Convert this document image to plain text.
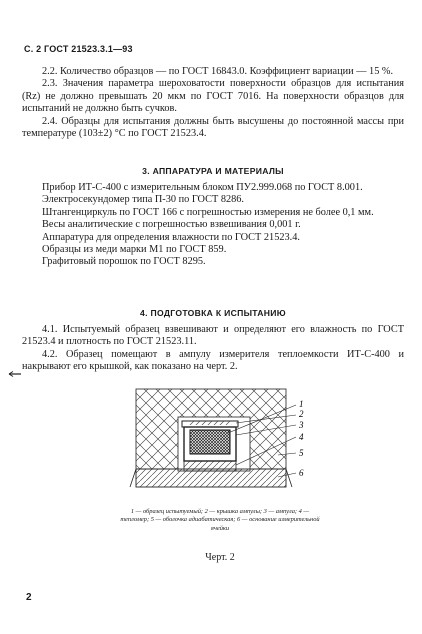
С. 2 ГОСТ 21523.3.1—93

2.2. Количество образцов — по ГОСТ 16843.0. Коэффициент вариации — 15 %.

2.3. Значения параметра шероховатости поверхности образцов для испытания (Rz) не должно превышать 20 мкм по ГОСТ 7016. На поверхности образцов для испытаний не должно быть сучков.

2.4. Образцы для испытания должны быть высушены до постоянной массы при температуре (103±2) °С по ГОСТ 21523.4.

3. АППАРАТУРА И МАТЕРИАЛЫ

Прибор ИТ-С-400 с измерительным блоком ПУ2.999.068 по ГОСТ 8.001.

Электросекундомер типа П-30 по ГОСТ 8286.

Штангенциркуль по ГОСТ 166 с погрешностью измерения не более 0,1 мм.

Весы аналитические с погрешностью взвешивания 0,001 г.

Аппаратура для определения влажности по ГОСТ 21523.4.

Образцы из меди марки М1 по ГОСТ 859.

Графитовый порошок по ГОСТ 8295.

4. ПОДГОТОВКА К ИСПЫТАНИЮ

4.1. Испытуемый образец взвешивают и определяют его влажность по ГОСТ 21523.4 и плотность по ГОСТ 21523.11.

4.2. Образец помещают в ампулу измерителя теплоемкости ИТ-С-400 и накрывают его крышкой, как показано на черт. 2.

1
2
3
4
5
6
1 — образец испытуемый; 2 — крышка ампулы; 3 — ампула; 4 — тепломер; 5 — оболочка адиабатическая; 6 — основание измерительной ячейки
Черт. 2
2
